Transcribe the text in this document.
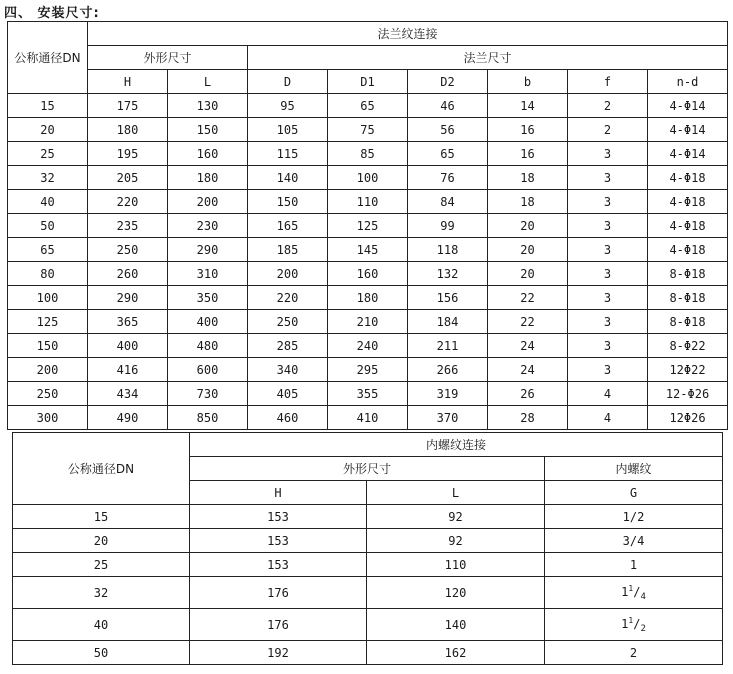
四、 安装尺寸:
公称通径DN	法兰纹连接							
	外形尺寸		法兰尺寸					
	H	L	D	D1	D2	b	f	n-d
15	175	130	95	65	46	14	2	4-Φ14
20	180	150	105	75	56	16	2	4-Φ14
25	195	160	115	85	65	16	3	4-Φ14
32	205	180	140	100	76	18	3	4-Φ18
40	220	200	150	110	84	18	3	4-Φ18
50	235	230	165	125	99	20	3	4-Φ18
65	250	290	185	145	118	20	3	4-Φ18
80	260	310	200	160	132	20	3	8-Φ18
100	290	350	220	180	156	22	3	8-Φ18
125	365	400	250	210	184	22	3	8-Φ18
150	400	480	285	240	211	24	3	8-Φ22
200	416	600	340	295	266	24	3	12Φ22
250	434	730	405	355	319	26	4	12-Φ26
300	490	850	460	410	370	28	4	12Φ26
公称通径DN	内螺纹连接		
	外形尺寸		内螺纹
	H	L	G
15	153	92	1/2
20	153	92	3/4
25	153	110	1
32	176	120	$1^1/_4$
40	176	140	$1^1/_2$
50	192	162	2
